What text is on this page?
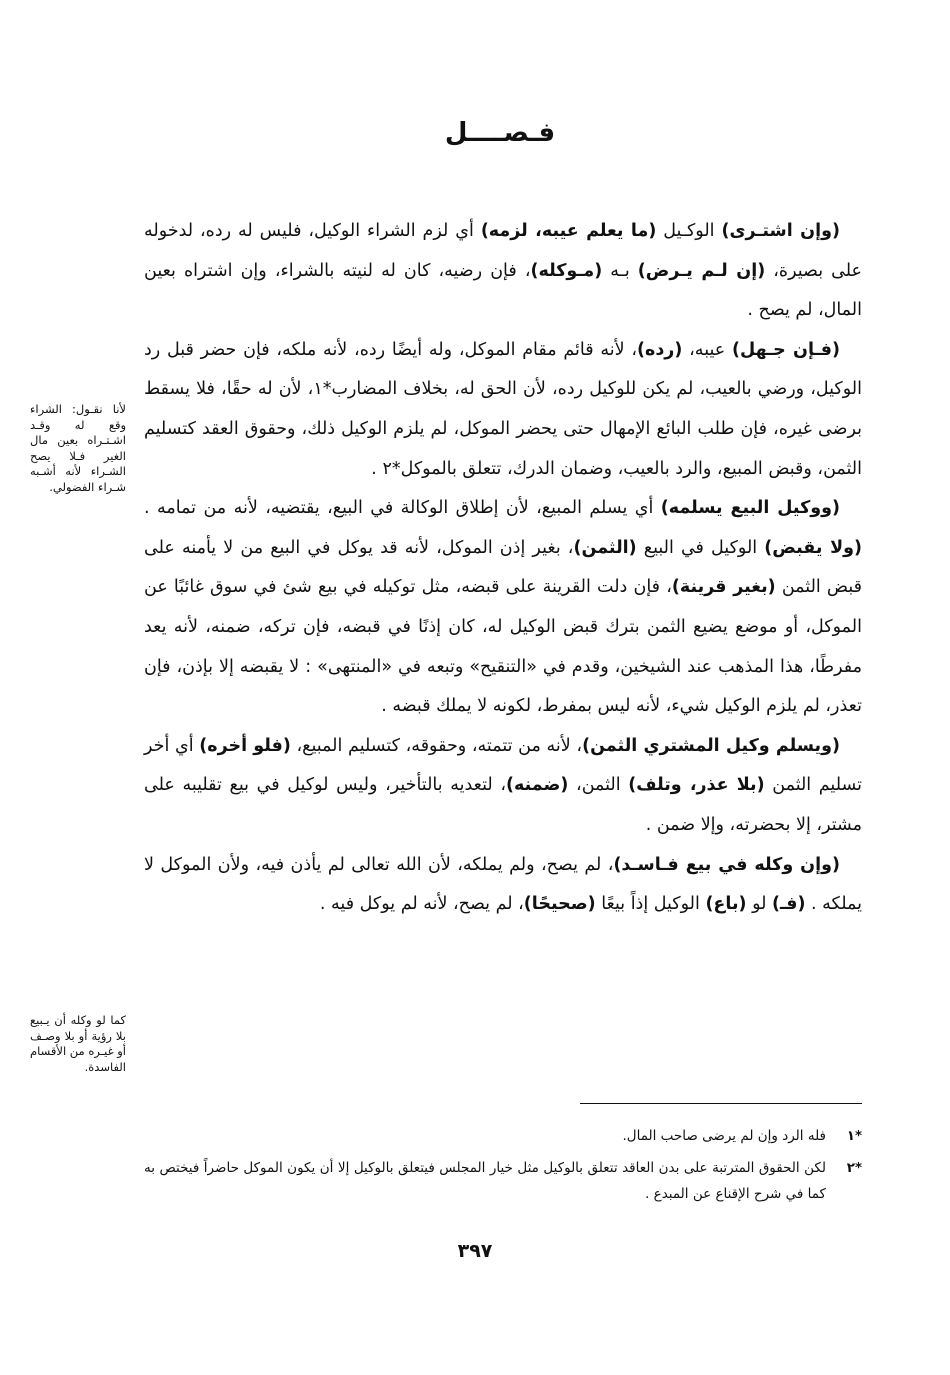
فـصــــل

(وإن اشتـرى) الوكـيل (ما يعلم عيبه، لزمه) أي لزم الشراء الوكيل، فليس له رده، لدخوله على بصيرة، (إن لـم يـرض) بـه (مـوكله)، فإن رضيه، كان له لنيته بالشراء، وإن اشتراه بعين المال، لم يصح .

(فـإن جـهل) عيبه، (رده)، لأنه قائم مقام الموكل، وله أيضًا رده، لأنه ملكه، فإن حضر قبل رد الوكيل، ورضي بالعيب، لم يكن للوكيل رده، لأن الحق له، بخلاف المضارب*١، لأن له حقًا، فلا يسقط برضى غيره، فإن طلب البائع الإمهال حتى يحضر الموكل، لم يلزم الوكيل ذلك، وحقوق العقد كتسليم الثمن، وقبض المبيع، والرد بالعيب، وضمان الدرك، تتعلق بالموكل*٢ .

(ووكيل البيع يسلمه) أي يسلم المبيع، لأن إطلاق الوكالة في البيع، يقتضيه، لأنه من تمامه . (ولا يقبض) الوكيل في البيع (الثمن)، بغير إذن الموكل، لأنه قد يوكل في البيع من لا يأمنه على قبض الثمن (بغير قرينة)، فإن دلت القرينة على قبضه، مثل توكيله في بيع شئ في سوق غائبًا عن الموكل، أو موضع يضيع الثمن بترك قبض الوكيل له، كان إذنًا في قبضه، فإن تركه، ضمنه، لأنه يعد مفرطًا، هذا المذهب عند الشيخين، وقدم في «التنقيح» وتبعه في «المنتهى» : لا يقبضه إلا بإذن، فإن تعذر، لم يلزم الوكيل شيء، لأنه ليس بمفرط، لكونه لا يملك قبضه .

(ويسلم وكيل المشتري الثمن)، لأنه من تتمته، وحقوقه، كتسليم المبيع، (فلو أخره) أي أخر تسليم الثمن (بلا عذر، وتلف) الثمن، (ضمنه)، لتعديه بالتأخير، وليس لوكيل في بيع تقليبه على مشتر، إلا بحضرته، وإلا ضمن .

(وإن وكله في بيع فـاسـد)، لم يصح، ولم يملكه، لأن الله تعالى لم يأذن فيه، ولأن الموكل لا يملكه . (فـ) لو (باع) الوكيل إذاً بيعًا (صحيحًا)، لم يصح، لأنه لم يوكل فيه .

لأنا نقـول: الشراء وقع له وقـد اشـتـراه بعين مال الغير فـلا يصح الشـراء لأنه أشـبه شـراء الفضولي.
كما لو وكله أن يـبيع بلا رؤية أو بلا وصـف أو غيـره من الأقسام الفاسدة.
*١
فله الرد وإن لم يرضى صاحب المال.
*٢
لكن الحقوق المترتبة على بدن العاقد تتعلق بالوكيل مثل خيار المجلس فيتعلق بالوكيل إلا أن يكون الموكل حاضراً فيختص به كما في شرح الإقناع عن المبدع .
٣٩٧
